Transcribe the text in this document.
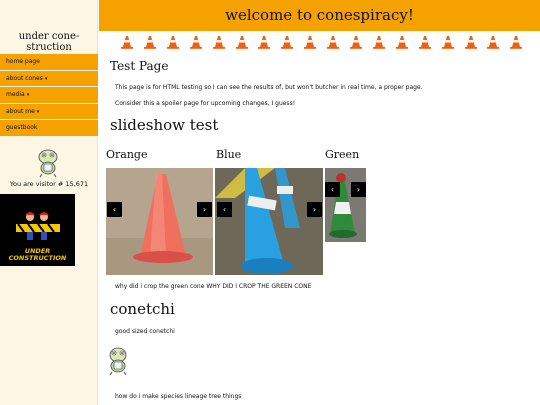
under cone-struction
home page
about cones ▾
media ▾
about me ▾
guestbook
You are visitor # 15,671
UNDER
CONSTRUCTION
welcome to conespiracy!
Test Page
This page is for HTML testing so I can see the results of, but won't butcher in real time, a proper page.
Consider this a spoiler page for upcoming changes, I guess!
slideshow test
Orange	Blue	Green
‹	›	‹	›
‹	›
why did i crop the green cone WHY DID I CROP THE GREEN CONE
conetchi
good sized conetchi
how do i make species lineage tree things
